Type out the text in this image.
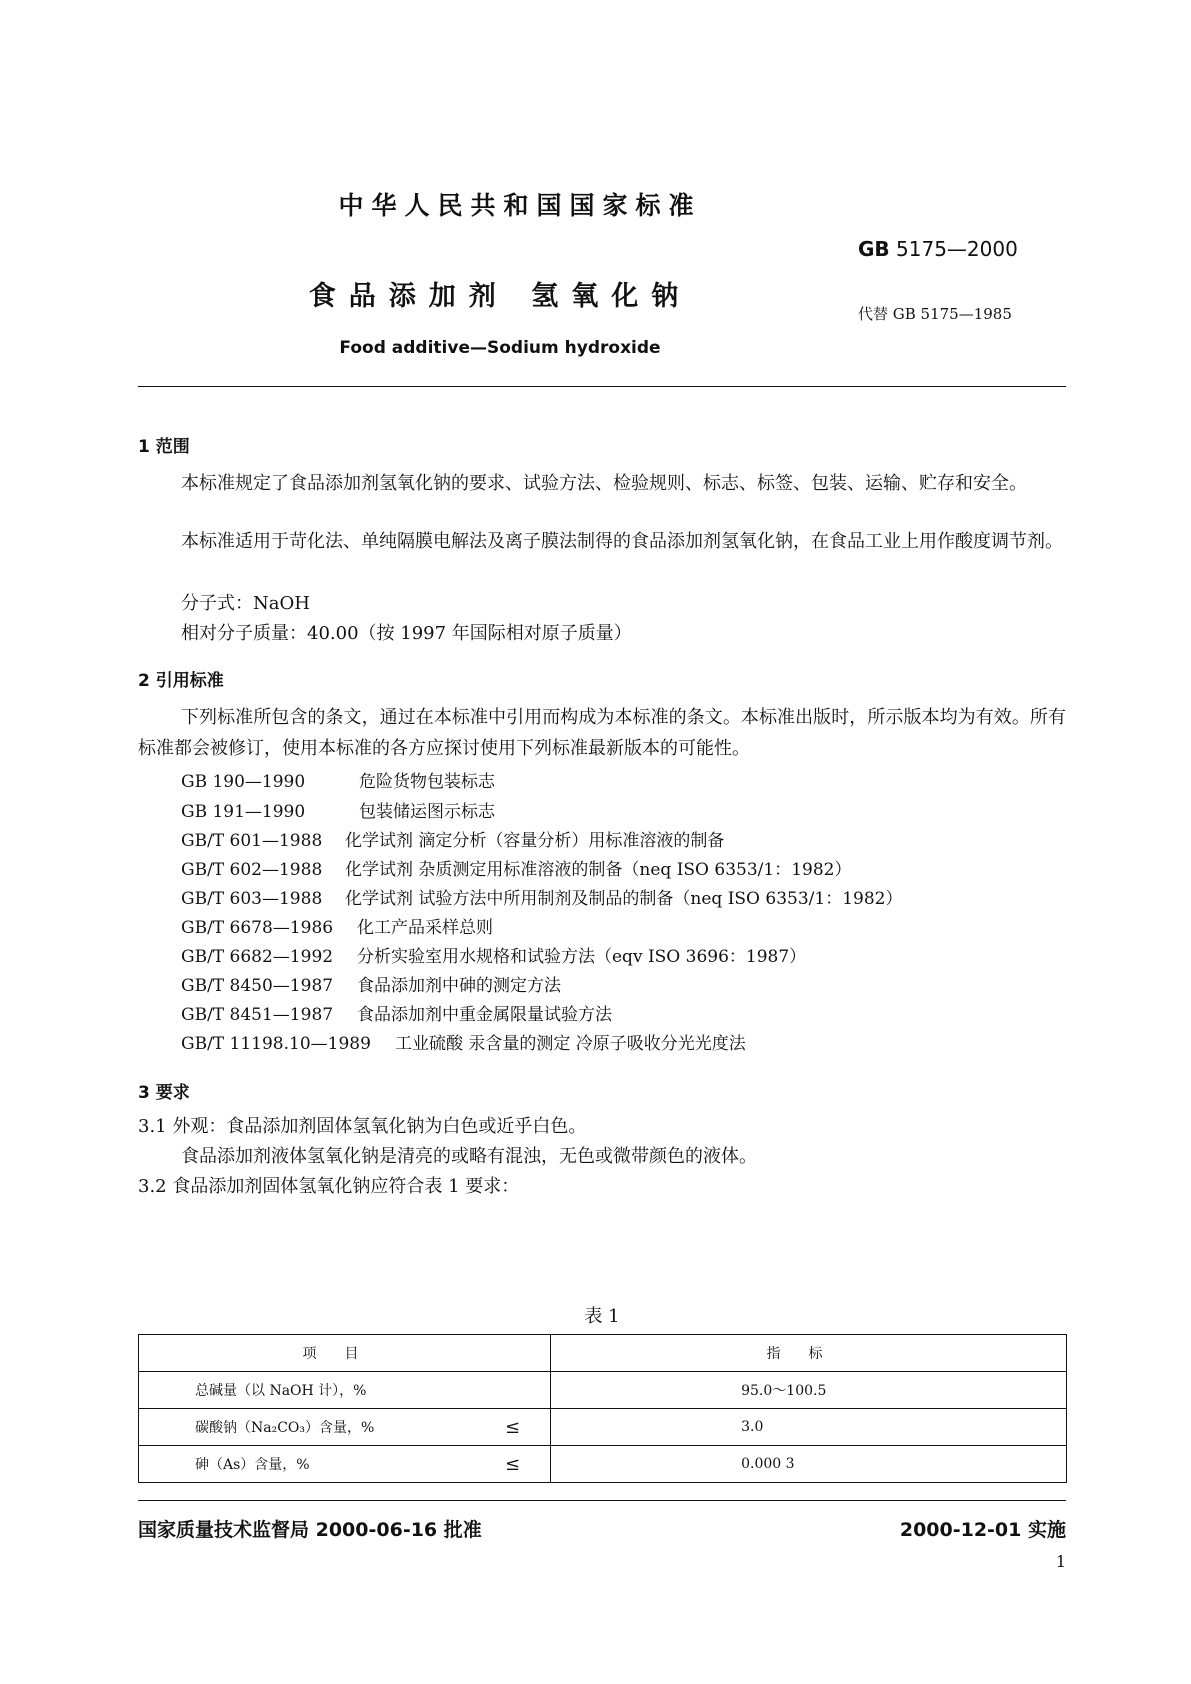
中华人民共和国国家标准
GB 5175—2000
食品添加剂 氢氧化钠
代替 GB 5175—1985
Food additive—Sodium hydroxide
1 范围
本标准规定了食品添加剂氢氧化钠的要求、试验方法、检验规则、标志、标签、包装、运输、贮存和安全。
本标准适用于苛化法、单纯隔膜电解法及离子膜法制得的食品添加剂氢氧化钠，在食品工业上用作酸度调节剂。
分子式：NaOH
相对分子质量：40.00（按 1997 年国际相对原子质量）
2 引用标准
下列标准所包含的条文，通过在本标准中引用而构成为本标准的条文。本标准出版时，所示版本均为有效。所有标准都会被修订，使用本标准的各方应探讨使用下列标准最新版本的可能性。
GB 190—1990	危险货物包装标志
GB 191—1990	包装储运图示标志
GB/T 601—1988 化学试剂 滴定分析（容量分析）用标准溶液的制备
GB/T 602—1988 化学试剂 杂质测定用标准溶液的制备（neq ISO 6353/1：1982）
GB/T 603—1988 化学试剂 试验方法中所用制剂及制品的制备（neq ISO 6353/1：1982）
GB/T 6678—1986 化工产品采样总则
GB/T 6682—1992 分析实验室用水规格和试验方法（eqv ISO 3696：1987）
GB/T 8450—1987 食品添加剂中砷的测定方法
GB/T 8451—1987 食品添加剂中重金属限量试验方法
GB/T 11198.10—1989 工业硫酸 汞含量的测定 冷原子吸收分光光度法
3 要求
3.1 外观：食品添加剂固体氢氧化钠为白色或近乎白色。
食品添加剂液体氢氧化钠是清亮的或略有混浊，无色或微带颜色的液体。
3.2 食品添加剂固体氢氧化钠应符合表 1 要求：
表 1
项目	指标
总碱量（以 NaOH 计），%	95.0～100.5
碳酸钠（Na₂CO₃）含量，% ≤	3.0
砷（As）含量，% ≤	0.000 3
国家质量技术监督局 2000-06-16 批准	2000-12-01 实施
1
